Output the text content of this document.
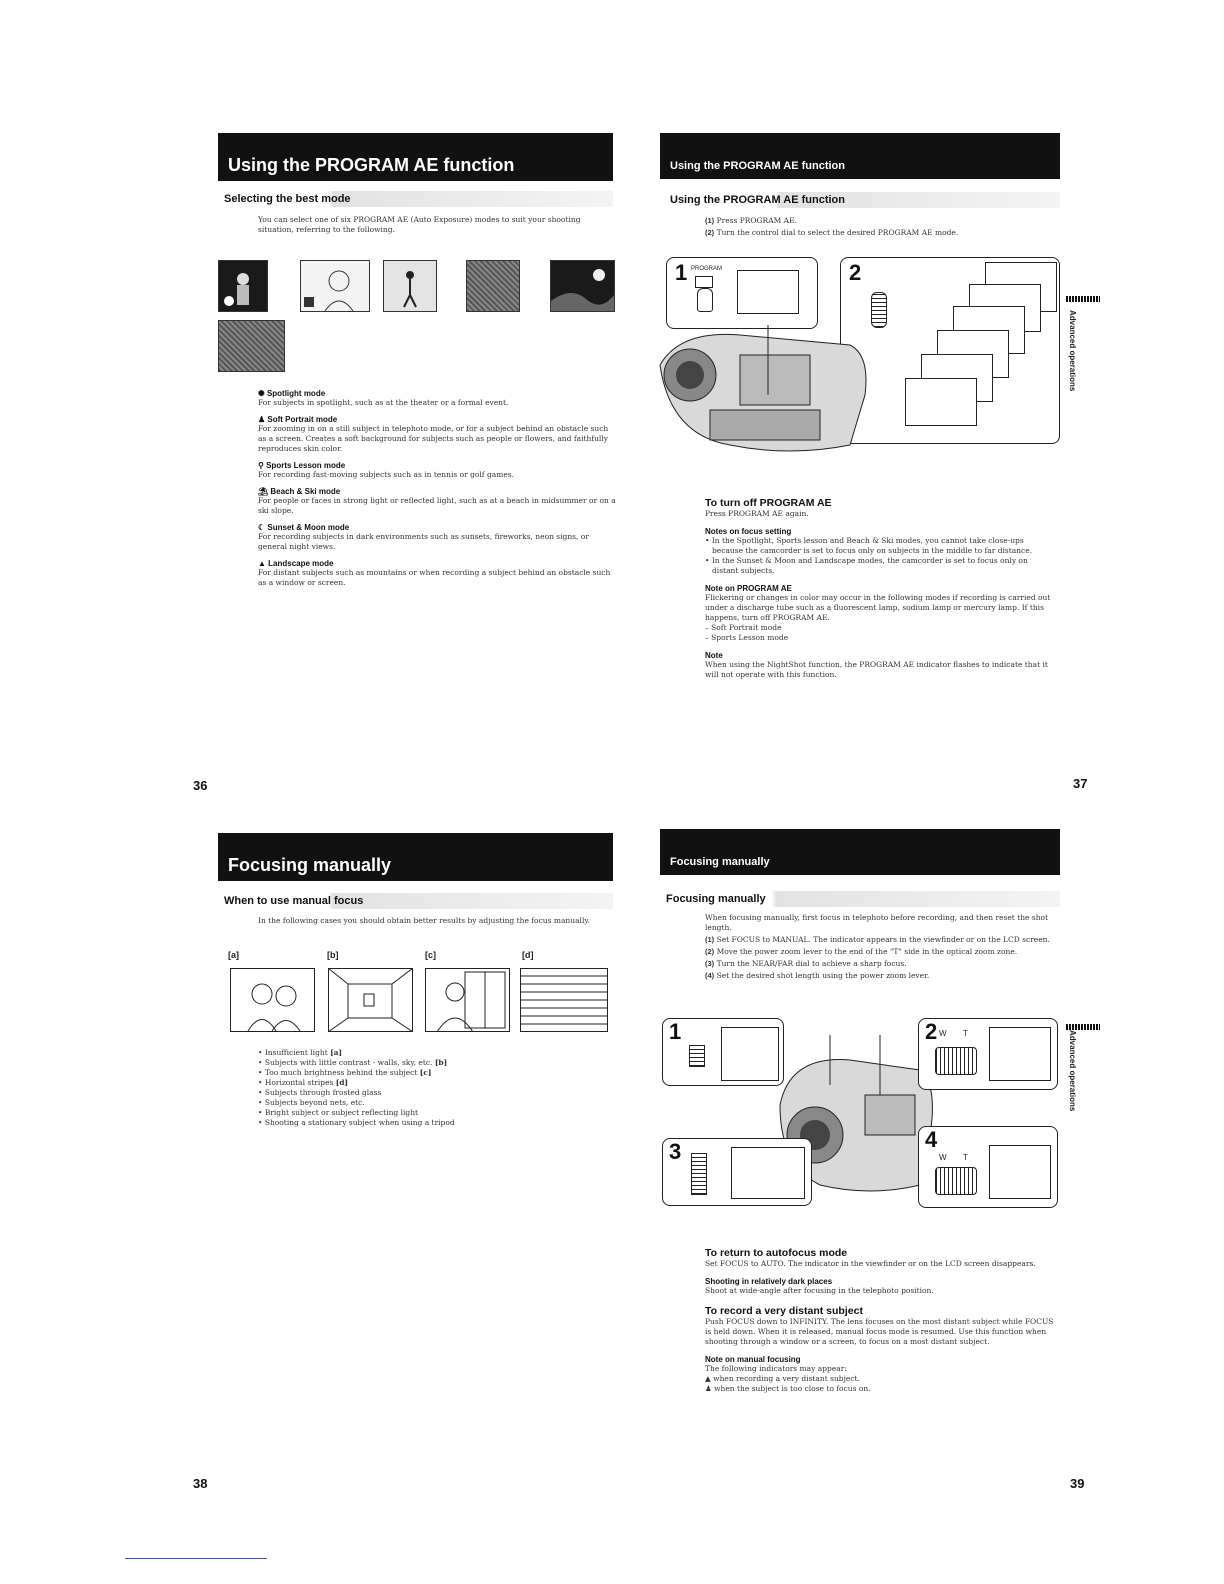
Using the PROGRAM AE function
Selecting the best mode
You can select one of six PROGRAM AE (Auto Exposure) modes to suit your shooting situation, referring to the following.
✺ Spotlight mode
For subjects in spotlight, such as at the theater or a formal event.
♟ Soft Portrait mode
For zooming in on a still subject in telephoto mode, or for a subject behind an obstacle such as a screen. Creates a soft background for subjects such as people or flowers, and faithfully reproduces skin color.
⚲ Sports Lesson mode
For recording fast-moving subjects such as in tennis or golf games.
⛱ Beach & Ski mode
For people or faces in strong light or reflected light, such as at a beach in midsummer or on a ski slope.
☾ Sunset & Moon mode
For recording subjects in dark environments such as sunsets, fireworks, neon signs, or general night views.
▲ Landscape mode
For distant subjects such as mountains or when recording a subject behind an obstacle such as a window or screen.
36
Using the PROGRAM AE function
Using the PROGRAM AE function
(1) Press PROGRAM AE.
(2) Turn the control dial to select the desired PROGRAM AE mode.
1 PROGRAM	2
Advanced operations
To turn off PROGRAM AE
Press PROGRAM AE again.
Notes on focus setting
• In the Spotlight, Sports lesson and Beach & Ski modes, you cannot take close-ups because the camcorder is set to focus only on subjects in the middle to far distance.
• In the Sunset & Moon and Landscape modes, the camcorder is set to focus only on distant subjects.
Note on PROGRAM AE
Flickering or changes in color may occur in the following modes if recording is carried out under a discharge tube such as a fluorescent lamp, sodium lamp or mercury lamp. If this happens, turn off PROGRAM AE.
– Soft Portrait mode
– Sports Lesson mode
Note
When using the NightShot function, the PROGRAM AE indicator flashes to indicate that it will not operate with this function.
37
Focusing manually
When to use manual focus
In the following cases you should obtain better results by adjusting the focus manually.
[a]	[b]	[c]	[d]
• Insufficient light [a]
• Subjects with little contrast - walls, sky, etc. [b]
• Too much brightness behind the subject [c]
• Horizontal stripes [d]
• Subjects through frosted glass
• Subjects beyond nets, etc.
• Bright subject or subject reflecting light
• Shooting a stationary subject when using a tripod
38
Focusing manually
Focusing manually
When focusing manually, first focus in telephoto before recording, and then reset the shot length.
(1) Set FOCUS to MANUAL. The indicator appears in the viewfinder or on the LCD screen.
(2) Move the power zoom lever to the end of the "T" side in the optical zoom zone.
(3) Turn the NEAR/FAR dial to achieve a sharp focus.
(4) Set the desired shot length using the power zoom lever.
1	2 W T
3	4
W T
Advanced operations
To return to autofocus mode
Set FOCUS to AUTO. The indicator in the viewfinder or on the LCD screen disappears.
Shooting in relatively dark places
Shoot at wide-angle after focusing in the telephoto position.
To record a very distant subject
Push FOCUS down to INFINITY. The lens focuses on the most distant subject while FOCUS is held down. When it is released, manual focus mode is resumed. Use this function when shooting through a window or a screen, to focus on a most distant subject.
Note on manual focusing
The following indicators may appear:
▲ when recording a very distant subject.
♟ when the subject is too close to focus on.
39
